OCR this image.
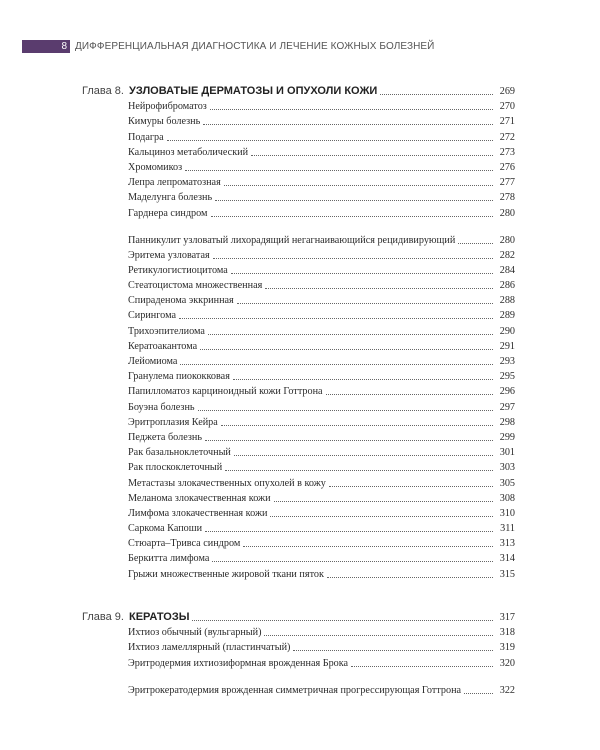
8 ДИФФЕРЕНЦИАЛЬНАЯ ДИАГНОСТИКА И ЛЕЧЕНИЕ КОЖНЫХ БОЛЕЗНЕЙ
Глава 8. УЗЛОВАТЫЕ ДЕРМАТОЗЫ И ОПУХОЛИ КОЖИ	269
Нейрофиброматоз	270
Кимуры болезнь	271
Подагра	272
Кальциноз метаболический	273
Хромомикоз	276
Лепра лепроматозная	277
Маделунга болезнь	278
Гарднера синдром	280
Панникулит узловатый лихорадящий негагнаивающийся рецидивирующий	280
Эритема узловатая	282
Ретикулогистиоцитома	284
Стеатоцистома множественная	286
Спираденома эккринная	288
Сирингома	289
Трихоэпителиома	290
Кератоакантома	291
Лейомиома	293
Гранулема пиококковая	295
Папилломатоз карциноидный кожи Готтрона	296
Боуэна болезнь	297
Эритроплазия Кейра	298
Педжета болезнь	299
Рак базальноклеточный	301
Рак плоскоклеточный	303
Метастазы злокачественных опухолей в кожу	305
Меланома злокачественная кожи	308
Лимфома злокачественная кожи	310
Саркома Капоши	311
Стюарта–Тривса синдром	313
Беркитта лимфома	314
Грыжи множественные жировой ткани пяток	315
Глава 9. КЕРАТОЗЫ	317
Ихтиоз обычный (вульгарный)	318
Ихтиоз ламеллярный (пластинчатый)	319
Эритродермия ихтиозиформная врожденная Брока	320
Эритрокератодермия врожденная симметричная прогрессирующая Готтрона	322
